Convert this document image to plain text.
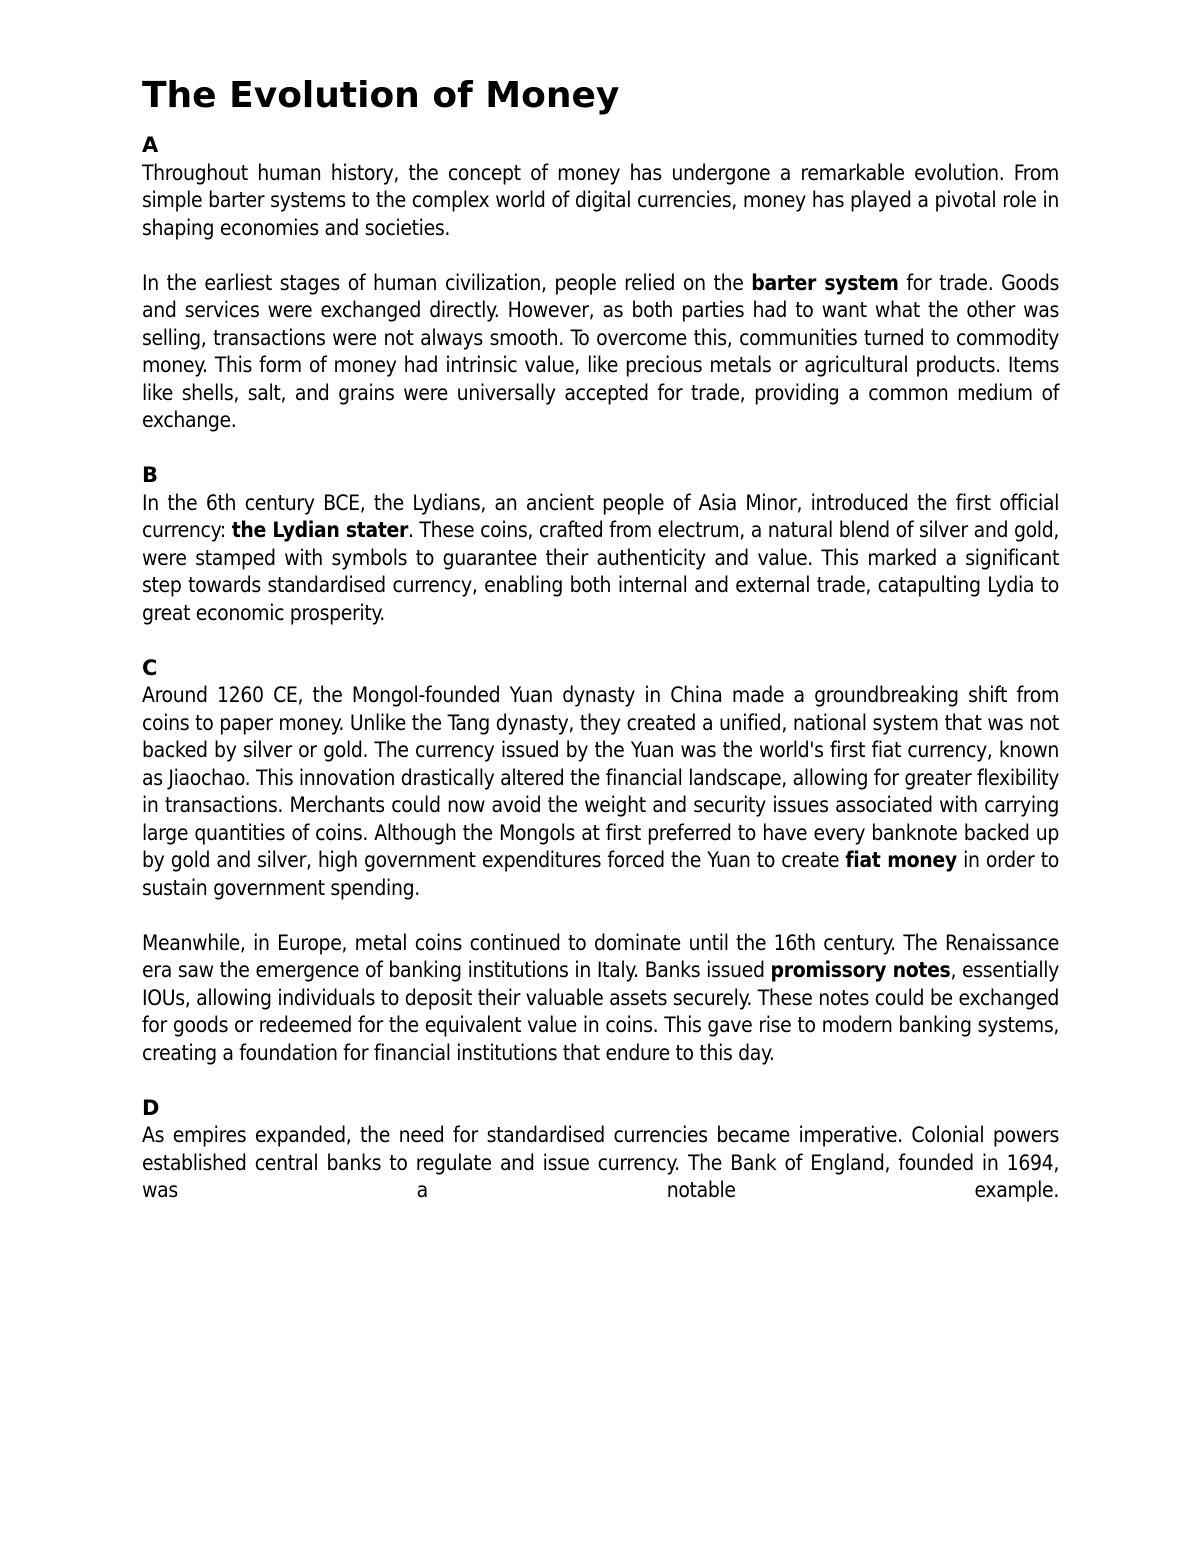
The Evolution of Money

A

Throughout human history, the concept of money has undergone a remarkable evolution. From simple barter systems to the complex world of digital currencies, money has played a pivotal role in shaping economies and societies.

In the earliest stages of human civilization, people relied on the barter system for trade. Goods and services were exchanged directly. However, as both parties had to want what the other was selling, transactions were not always smooth. To overcome this, communities turned to commodity money. This form of money had intrinsic value, like precious metals or agricultural products. Items like shells, salt, and grains were universally accepted for trade, providing a common medium of exchange.

B

In the 6th century BCE, the Lydians, an ancient people of Asia Minor, introduced the first official currency: the Lydian stater. These coins, crafted from electrum, a natural blend of silver and gold, were stamped with symbols to guarantee their authenticity and value. This marked a significant step towards standardised currency, enabling both internal and external trade, catapulting Lydia to great economic prosperity.

C

Around 1260 CE, the Mongol-founded Yuan dynasty in China made a groundbreaking shift from coins to paper money. Unlike the Tang dynasty, they created a unified, national system that was not backed by silver or gold. The currency issued by the Yuan was the world's first fiat currency, known as Jiaochao. This innovation drastically altered the financial landscape, allowing for greater flexibility in transactions. Merchants could now avoid the weight and security issues associated with carrying large quantities of coins. Although the Mongols at first preferred to have every banknote backed up by gold and silver, high government expenditures forced the Yuan to create fiat money in order to sustain government spending.

Meanwhile, in Europe, metal coins continued to dominate until the 16th century. The Renaissance era saw the emergence of banking institutions in Italy. Banks issued promissory notes, essentially IOUs, allowing individuals to deposit their valuable assets securely. These notes could be exchanged for goods or redeemed for the equivalent value in coins. This gave rise to modern banking systems, creating a foundation for financial institutions that endure to this day.

D

As empires expanded, the need for standardised currencies became imperative. Colonial powers established central banks to regulate and issue currency. The Bank of England, founded in 1694, was a notable example.
